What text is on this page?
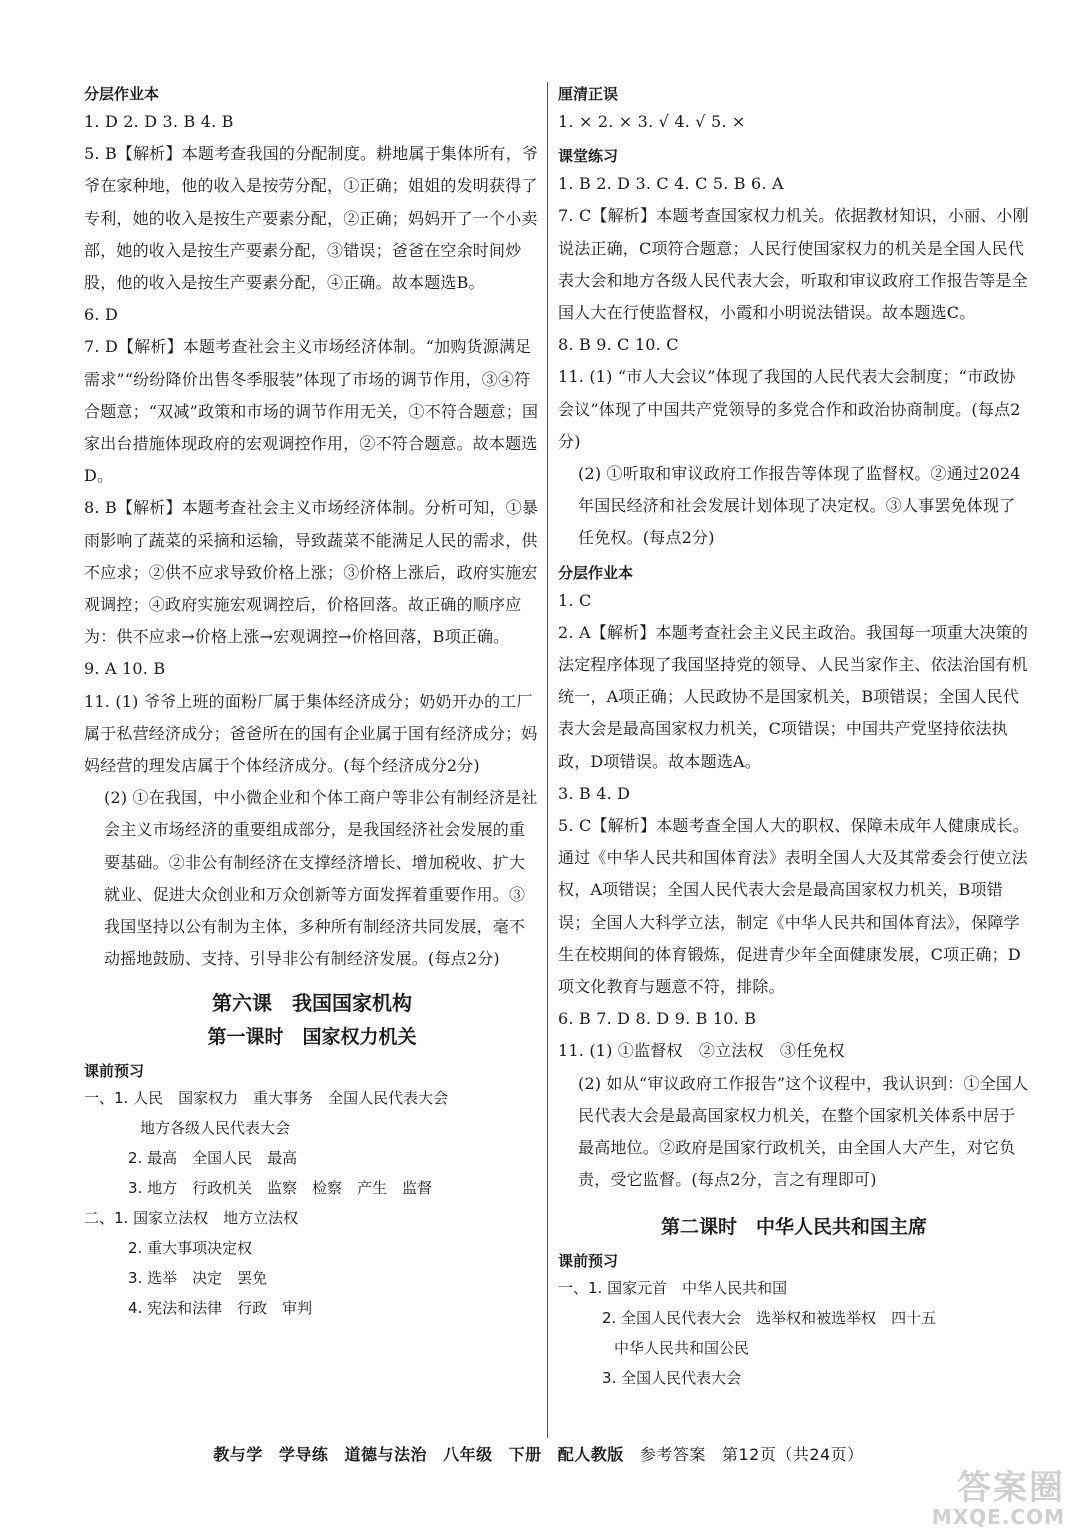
分层作业本
1. D 2. D 3. B 4. B
5. B【解析】本题考查我国的分配制度。耕地属于集体所有，爷爷在家种地，他的收入是按劳分配，①正确；姐姐的发明获得了专利，她的收入是按生产要素分配，②正确；妈妈开了一个小卖部，她的收入是按生产要素分配，③错误；爸爸在空余时间炒股，他的收入是按生产要素分配，④正确。故本题选B。
6. D
7. D【解析】本题考查社会主义市场经济体制。“加购货源满足需求”“纷纷降价出售冬季服装”体现了市场的调节作用，③④符合题意；“双减”政策和市场的调节作用无关，①不符合题意；国家出台措施体现政府的宏观调控作用，②不符合题意。故本题选D。
8. B【解析】本题考查社会主义市场经济体制。分析可知，①暴雨影响了蔬菜的采摘和运输，导致蔬菜不能满足人民的需求，供不应求；②供不应求导致价格上涨；③价格上涨后，政府实施宏观调控；④政府实施宏观调控后，价格回落。故正确的顺序应为：供不应求→价格上涨→宏观调控→价格回落，B项正确。
9. A 10. B
11. (1) 爷爷上班的面粉厂属于集体经济成分；奶奶开办的工厂属于私营经济成分；爸爸所在的国有企业属于国有经济成分；妈妈经营的理发店属于个体经济成分。(每个经济成分2分)
(2) ①在我国，中小微企业和个体工商户等非公有制经济是社会主义市场经济的重要组成部分，是我国经济社会发展的重要基础。②非公有制经济在支撑经济增长、增加税收、扩大就业、促进大众创业和万众创新等方面发挥着重要作用。③我国坚持以公有制为主体，多种所有制经济共同发展，毫不动摇地鼓励、支持、引导非公有制经济发展。(每点2分)
第六课　我国国家机构
第一课时　国家权力机关
课前预习
一、1. 人民　国家权力　重大事务　全国人民代表大会
地方各级人民代表大会
2. 最高　全国人民　最高
3. 地方　行政机关　监察　检察　产生　监督
二、1. 国家立法权　地方立法权
2. 重大事项决定权
3. 选举　决定　罢免
4. 宪法和法律　行政　审判
厘清正误
1. × 2. × 3. √ 4. √ 5. ×
课堂练习
1. B 2. D 3. C 4. C 5. B 6. A
7. C【解析】本题考查国家权力机关。依据教材知识，小丽、小刚说法正确，C项符合题意；人民行使国家权力的机关是全国人民代表大会和地方各级人民代表大会，听取和审议政府工作报告等是全国人大在行使监督权，小霞和小明说法错误。故本题选C。
8. B 9. C 10. C
11. (1) “市人大会议”体现了我国的人民代表大会制度；“市政协会议”体现了中国共产党领导的多党合作和政治协商制度。(每点2分)
(2) ①听取和审议政府工作报告等体现了监督权。②通过2024年国民经济和社会发展计划体现了决定权。③人事罢免体现了任免权。(每点2分)
分层作业本
1. C
2. A【解析】本题考查社会主义民主政治。我国每一项重大决策的法定程序体现了我国坚持党的领导、人民当家作主、依法治国有机统一，A项正确；人民政协不是国家机关，B项错误；全国人民代表大会是最高国家权力机关，C项错误；中国共产党坚持依法执政，D项错误。故本题选A。
3. B 4. D
5. C【解析】本题考查全国人大的职权、保障未成年人健康成长。通过《中华人民共和国体育法》表明全国人大及其常委会行使立法权，A项错误；全国人民代表大会是最高国家权力机关，B项错误；全国人大科学立法，制定《中华人民共和国体育法》，保障学生在校期间的体育锻炼，促进青少年全面健康发展，C项正确；D项文化教育与题意不符，排除。
6. B 7. D 8. D 9. B 10. B
11. (1) ①监督权　②立法权　③任免权
(2) 如从“审议政府工作报告”这个议程中，我认识到：①全国人民代表大会是最高国家权力机关，在整个国家机关体系中居于最高地位。②政府是国家行政机关，由全国人大产生，对它负责，受它监督。(每点2分，言之有理即可)
第二课时　中华人民共和国主席
课前预习
一、1. 国家元首　中华人民共和国
2. 全国人民代表大会　选举权和被选举权　四十五
中华人民共和国公民
3. 全国人民代表大会
教与学 学导练 道德与法治 八年级 下册 配人教版 参考答案 第12页（共24页）
答案圈
MXQE.COM
